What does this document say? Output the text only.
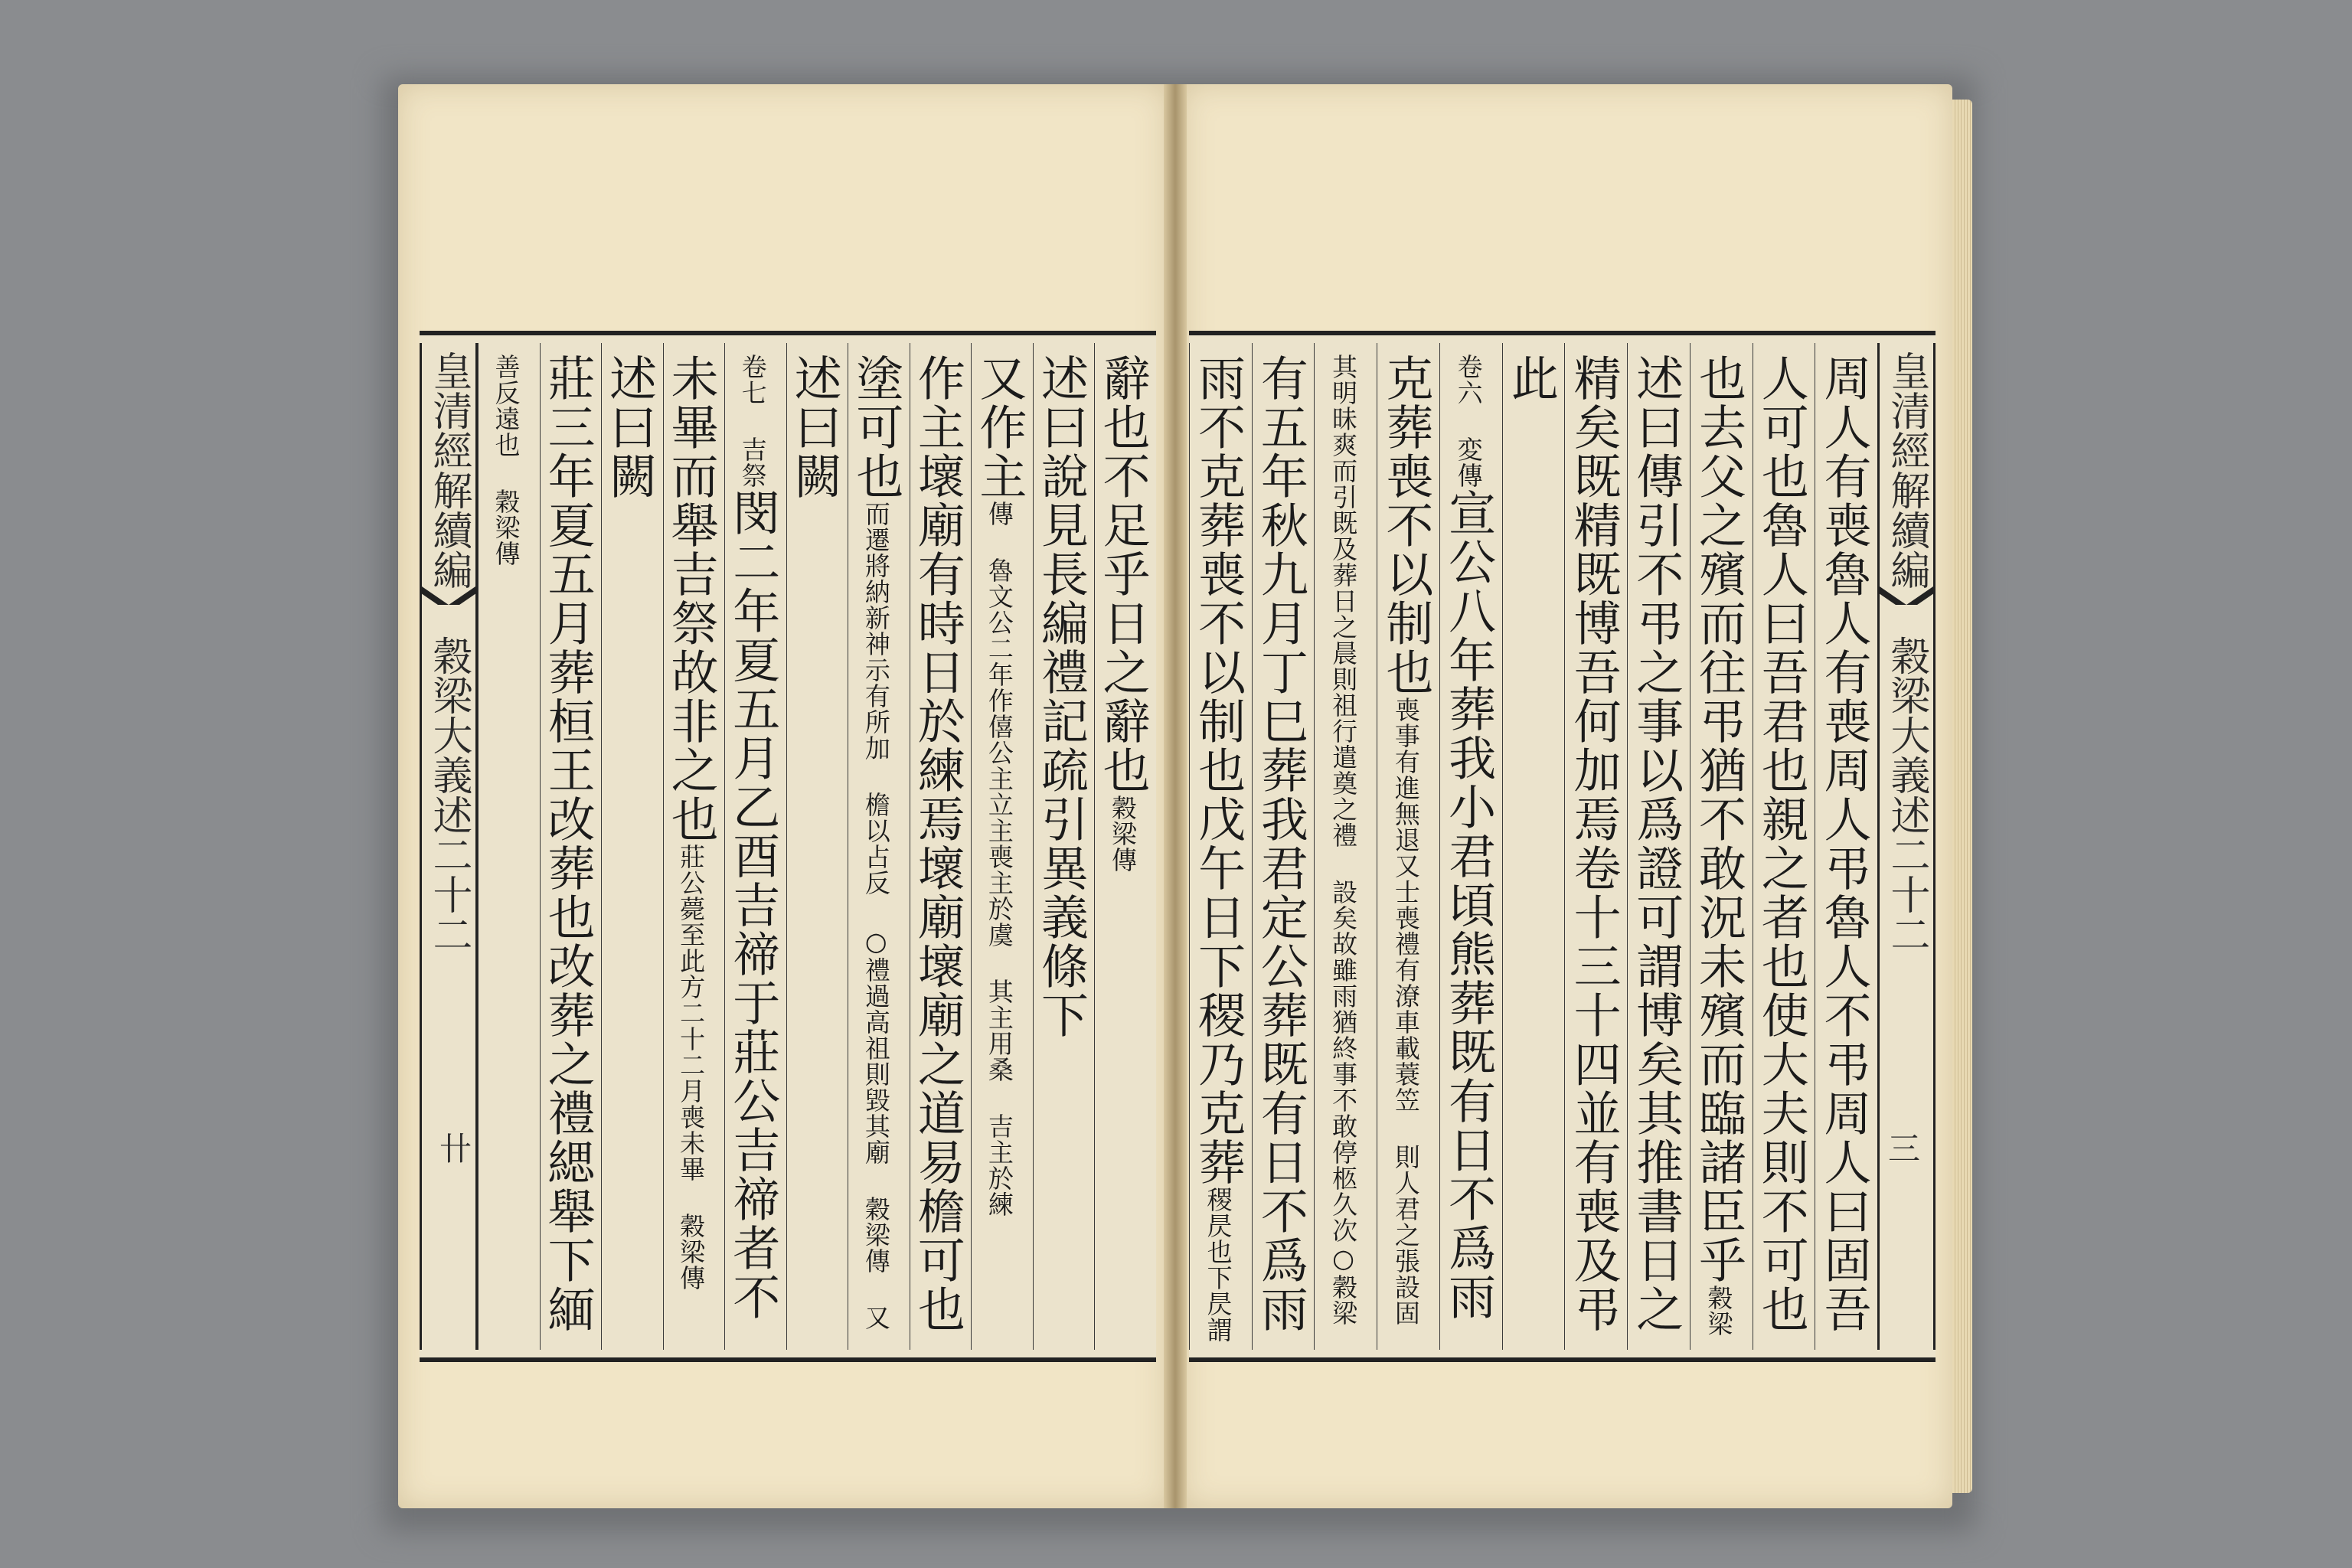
皇清經解續編 穀梁大義述二十二
卄
辭也不足乎日之辭也穀梁傳
述曰說見長編禮記疏引異義條下
又作主傳 魯文公二年作僖公主立主喪主於虞 其主用桑 吉主於練
作主壞廟有時日於練焉壞廟壞廟之道易檐可也
塗可也而遷將納新神示有所加 檐以占反 ○禮過高祖則毀其廟 穀梁傳 又
述曰闕
卷七 吉祭閔二年夏五月乙酉吉禘于莊公吉禘者不
未畢而舉吉祭故非之也莊公薨至此方二十二月喪未畢 穀梁傳
述曰闕
莊三年夏五月葬桓王改葬也改葬之禮緦舉下緬
善反遠也 穀梁傳	皇清經解續編 穀梁大義述二十二
三
周人有喪魯人有喪周人弔魯人不弔周人曰固吾
人可也魯人曰吾君也親之者也使大夫則不可也
也去父之殯而往弔猶不敢況未殯而臨諸臣乎穀梁
述曰傳引不弔之事以爲證可謂博矣其推書日之
精矣既精既博吾何加焉卷十三十四並有喪及弔
此
卷六 変傳宣公八年葬我小君頃熊葬既有日不爲雨
克葬喪不以制也喪事有進無退又士喪禮有潦車載蓑笠 則人君之張設固
其明昧爽而引既及葬日之晨則祖行遣奠之禮 設矣故雖雨猶終事不敢停柩久次○穀梁
有五年秋九月丁巳葬我君定公葬既有日不爲雨
雨不克葬喪不以制也戊午日下稷乃克葬稷昃也下昃謂
